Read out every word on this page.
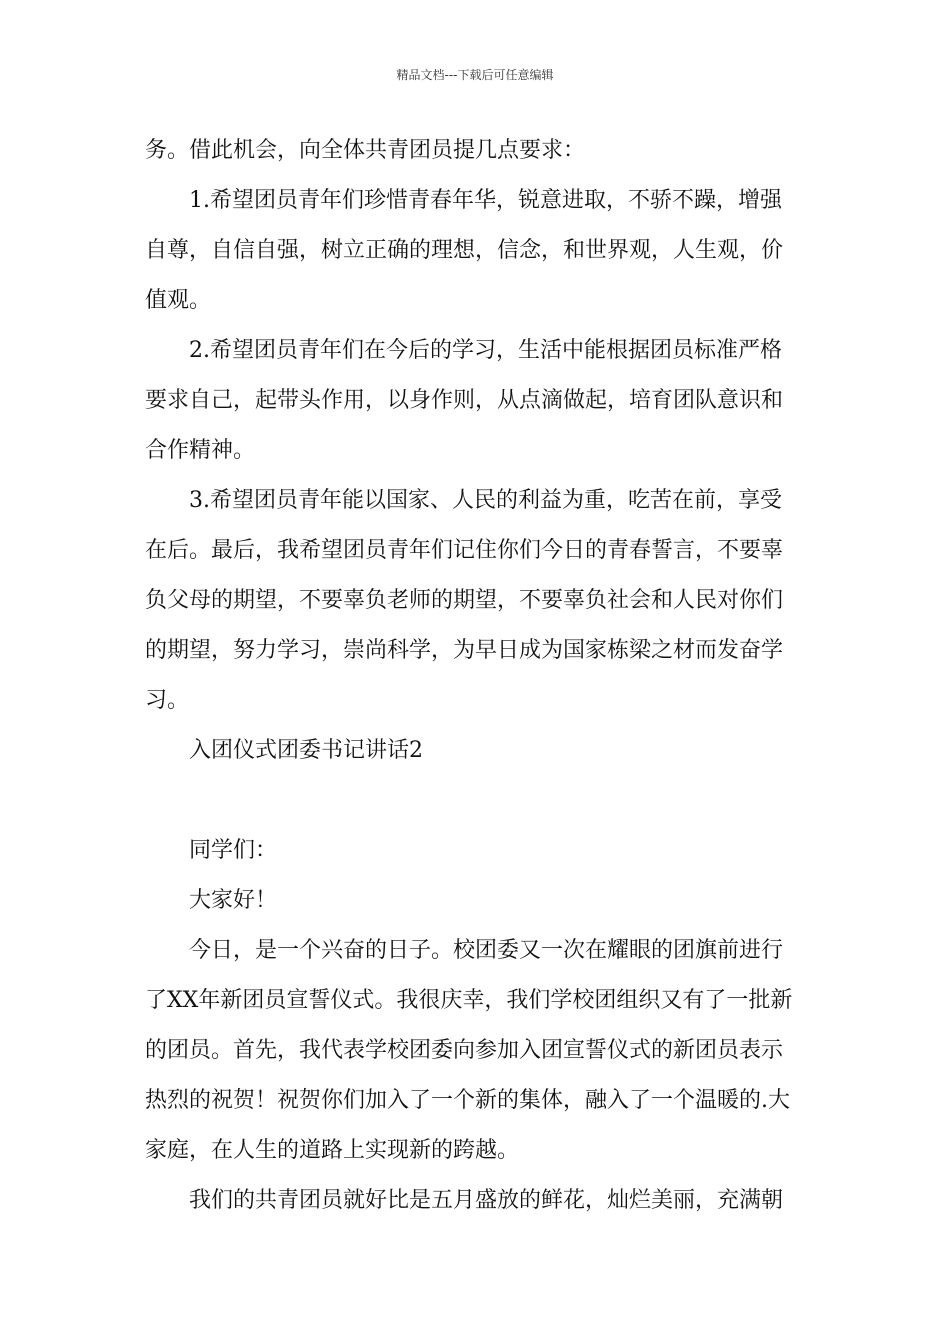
精品文档---下载后可任意编辑
务。借此机会，向全体共青团员提几点要求：
1.希望团员青年们珍惜青春年华，锐意进取，不骄不躁，增强
自尊，自信自强，树立正确的理想，信念，和世界观，人生观，价
值观。
2.希望团员青年们在今后的学习，生活中能根据团员标准严格
要求自己，起带头作用，以身作则，从点滴做起，培育团队意识和
合作精神。
3.希望团员青年能以国家、人民的利益为重，吃苦在前，享受
在后。最后，我希望团员青年们记住你们今日的青春誓言，不要辜
负父母的期望，不要辜负老师的期望，不要辜负社会和人民对你们
的期望，努力学习，崇尚科学，为早日成为国家栋梁之材而发奋学
习。
入团仪式团委书记讲话2
同学们：
大家好！
今日，是一个兴奋的日子。校团委又一次在耀眼的团旗前进行
了XX年新团员宣誓仪式。我很庆幸，我们学校团组织又有了一批新
的团员。首先，我代表学校团委向参加入团宣誓仪式的新团员表示
热烈的祝贺！祝贺你们加入了一个新的集体，融入了一个温暖的.大
家庭，在人生的道路上实现新的跨越。
我们的共青团员就好比是五月盛放的鲜花，灿烂美丽，充满朝
